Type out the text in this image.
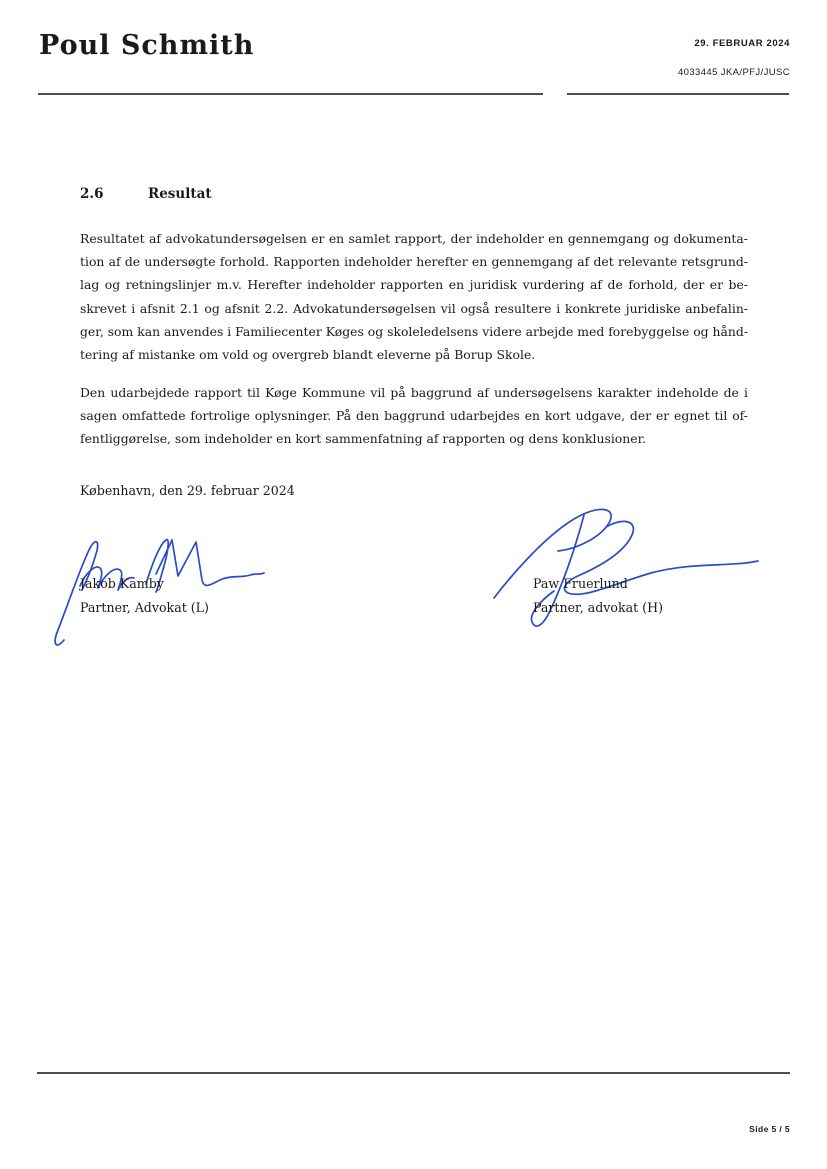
Poul Schmith	29. FEBRUAR 2024
4033445 JKA/PFJ/JUSC
2.6	Resultat
Resultatet af advokatundersøgelsen er en samlet rapport, der indeholder en gennemgang og dokumenta-
tion af de undersøgte forhold. Rapporten indeholder herefter en gennemgang af det relevante retsgrund-
lag og retningslinjer m.v. Herefter indeholder rapporten en juridisk vurdering af de forhold, der er be-
skrevet i afsnit 2.1 og afsnit 2.2. Advokatundersøgelsen vil også resultere i konkrete juridiske anbefalin-
ger, som kan anvendes i Familiecenter Køges og skoleledelsens videre arbejde med forebyggelse og hånd-
tering af mistanke om vold og overgreb blandt eleverne på Borup Skole.
Den udarbejdede rapport til Køge Kommune vil på baggrund af undersøgelsens karakter indeholde de i
sagen omfattede fortrolige oplysninger. På den baggrund udarbejdes en kort udgave, der er egnet til of-
fentliggørelse, som indeholder en kort sammenfatning af rapporten og dens konklusioner.
København, den 29. februar 2024
Jakob Kamby
Partner, Advokat (L)
Paw Fruerlund
Partner, advokat (H)
Side 5 / 5
